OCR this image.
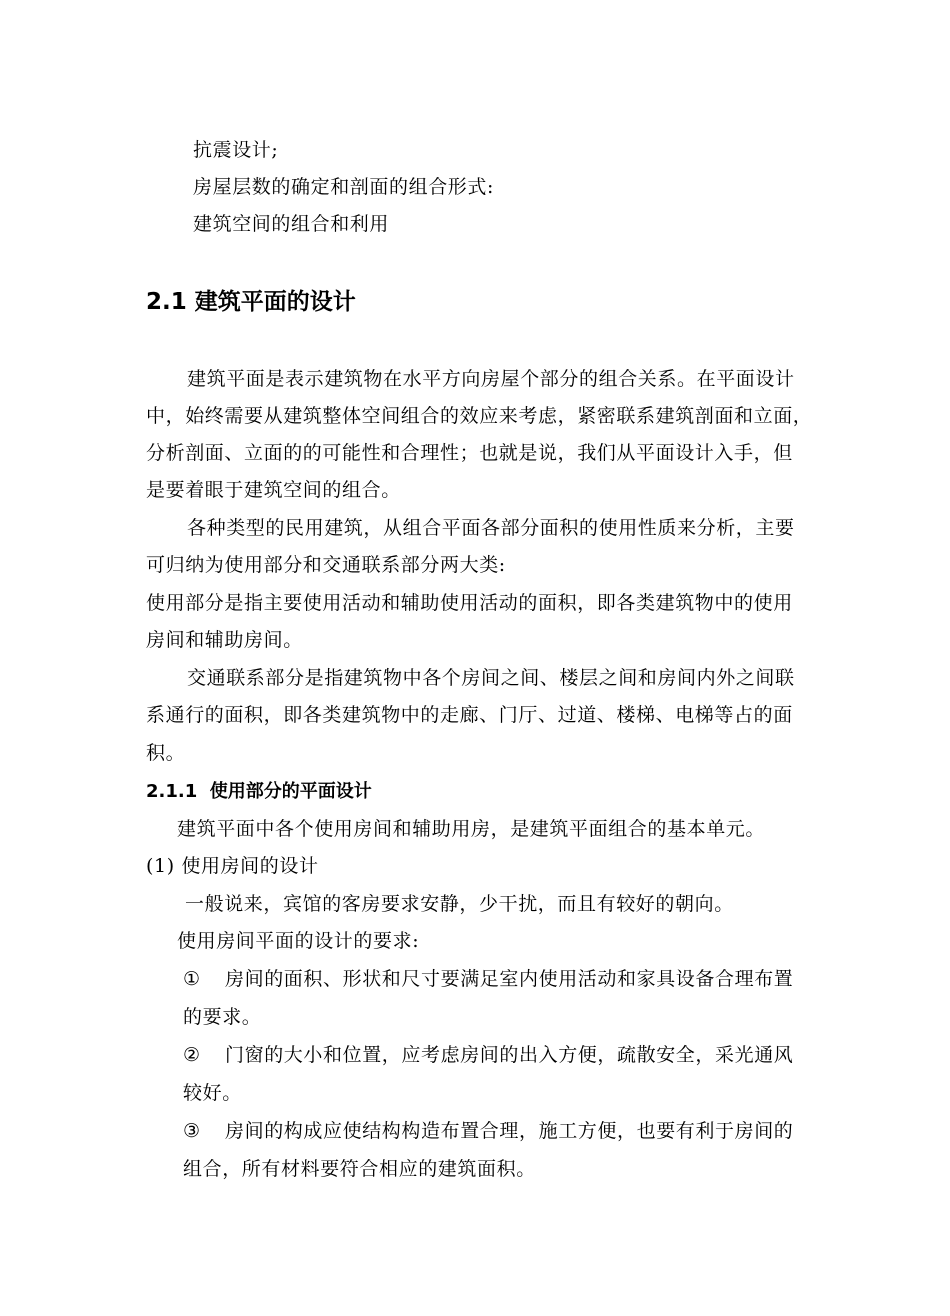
抗震设计;
房屋层数的确定和剖面的组合形式:
建筑空间的组合和利用
2.1 建筑平面的设计
建筑平面是表示建筑物在水平方向房屋个部分的组合关系。在平面设计
中，始终需要从建筑整体空间组合的效应来考虑，紧密联系建筑剖面和立面，
分析剖面、立面的的可能性和合理性；也就是说，我们从平面设计入手，但
是要着眼于建筑空间的组合。
各种类型的民用建筑，从组合平面各部分面积的使用性质来分析，主要
可归纳为使用部分和交通联系部分两大类:
使用部分是指主要使用活动和辅助使用活动的面积，即各类建筑物中的使用
房间和辅助房间。
交通联系部分是指建筑物中各个房间之间、楼层之间和房间内外之间联
系通行的面积，即各类建筑物中的走廊、门厅、过道、楼梯、电梯等占的面
积。
2.1.1 使用部分的平面设计
建筑平面中各个使用房间和辅助用房，是建筑平面组合的基本单元。
(1) 使用房间的设计
一般说来，宾馆的客房要求安静，少干扰，而且有较好的朝向。
使用房间平面的设计的要求:
① 房间的面积、形状和尺寸要满足室内使用活动和家具设备合理布置
的要求。
② 门窗的大小和位置，应考虑房间的出入方便，疏散安全，采光通风
较好。
③ 房间的构成应使结构构造布置合理，施工方便，也要有利于房间的
组合，所有材料要符合相应的建筑面积。
